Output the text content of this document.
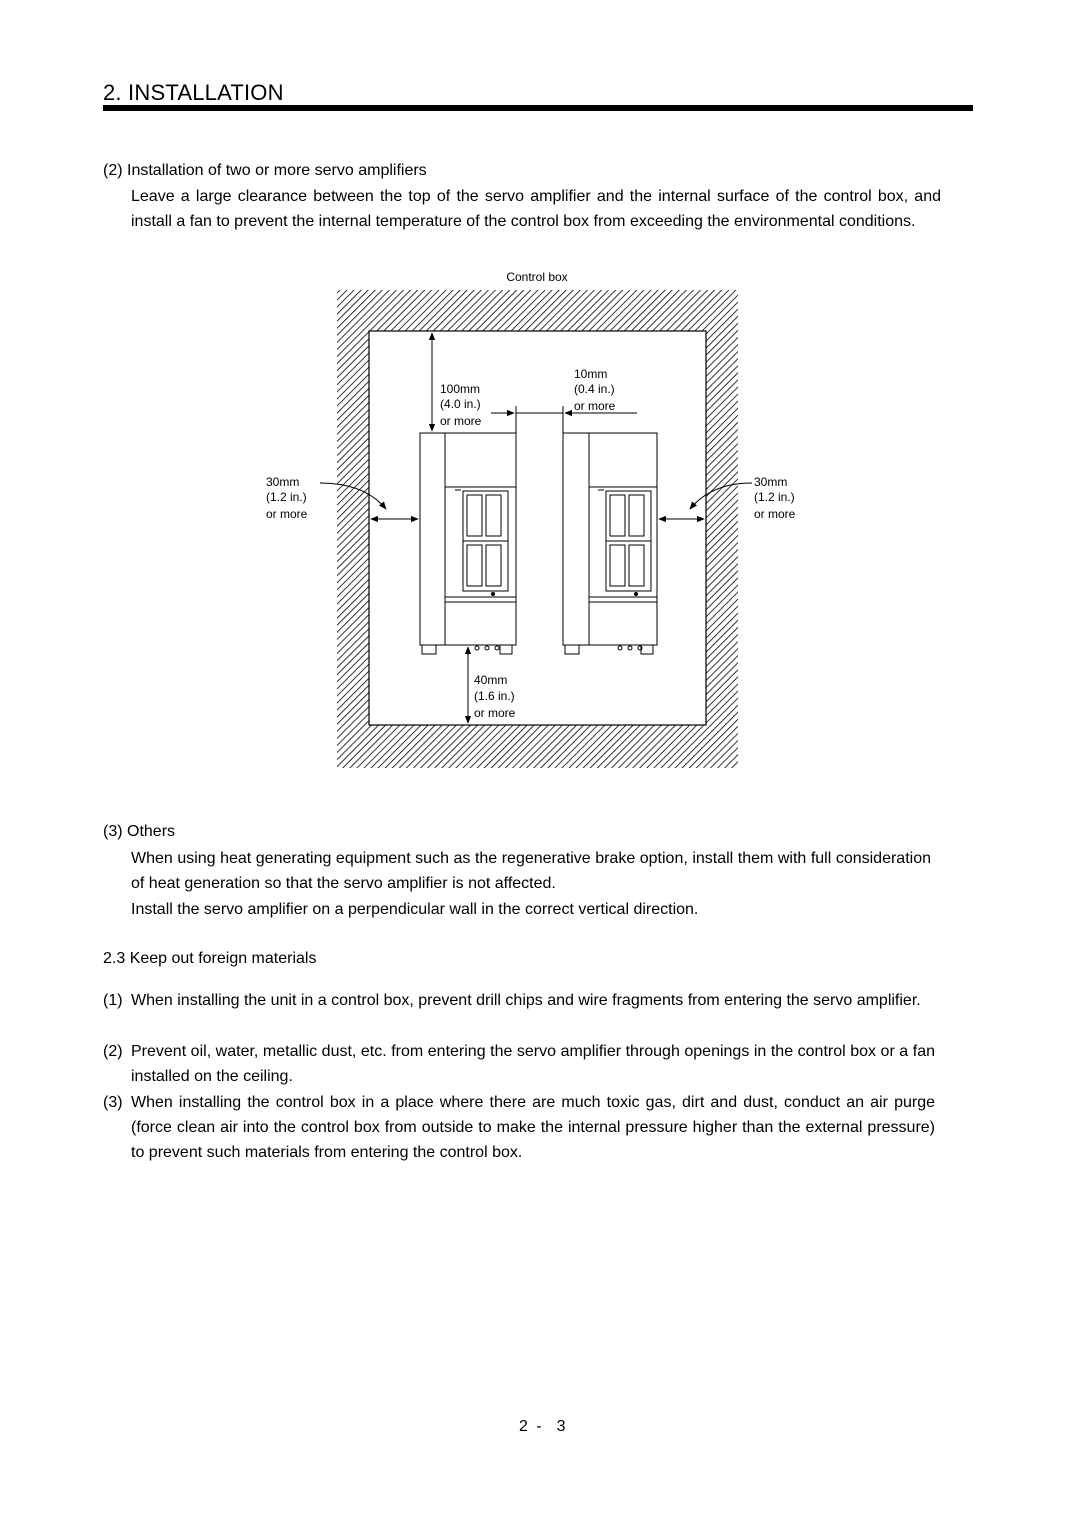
2. INSTALLATION
(2) Installation of two or more servo amplifiers
Leave a large clearance between the top of the servo amplifier and the internal surface of the control box, and install a fan to prevent the internal temperature of the control box from exceeding the environmental conditions.
Control box
100mm
(4.0 in.)
or more
10mm
(0.4 in.)
or more
30mm
(1.2 in.)
or more
30mm
(1.2 in.)
or more
40mm
(1.6 in.)
or more
(3) Others
When using heat generating equipment such as the regenerative brake option, install them with full consideration of heat generation so that the servo amplifier is not affected.
Install the servo amplifier on a perpendicular wall in the correct vertical direction.
2.3 Keep out foreign materials
(1) When installing the unit in a control box, prevent drill chips and wire fragments from entering the servo amplifier.
(2) Prevent oil, water, metallic dust, etc. from entering the servo amplifier through openings in the control box or a fan installed on the ceiling.
(3) When installing the control box in a place where there are much toxic gas, dirt and dust, conduct an air purge (force clean air into the control box from outside to make the internal pressure higher than the external pressure) to prevent such materials from entering the control box.
2 -  3
